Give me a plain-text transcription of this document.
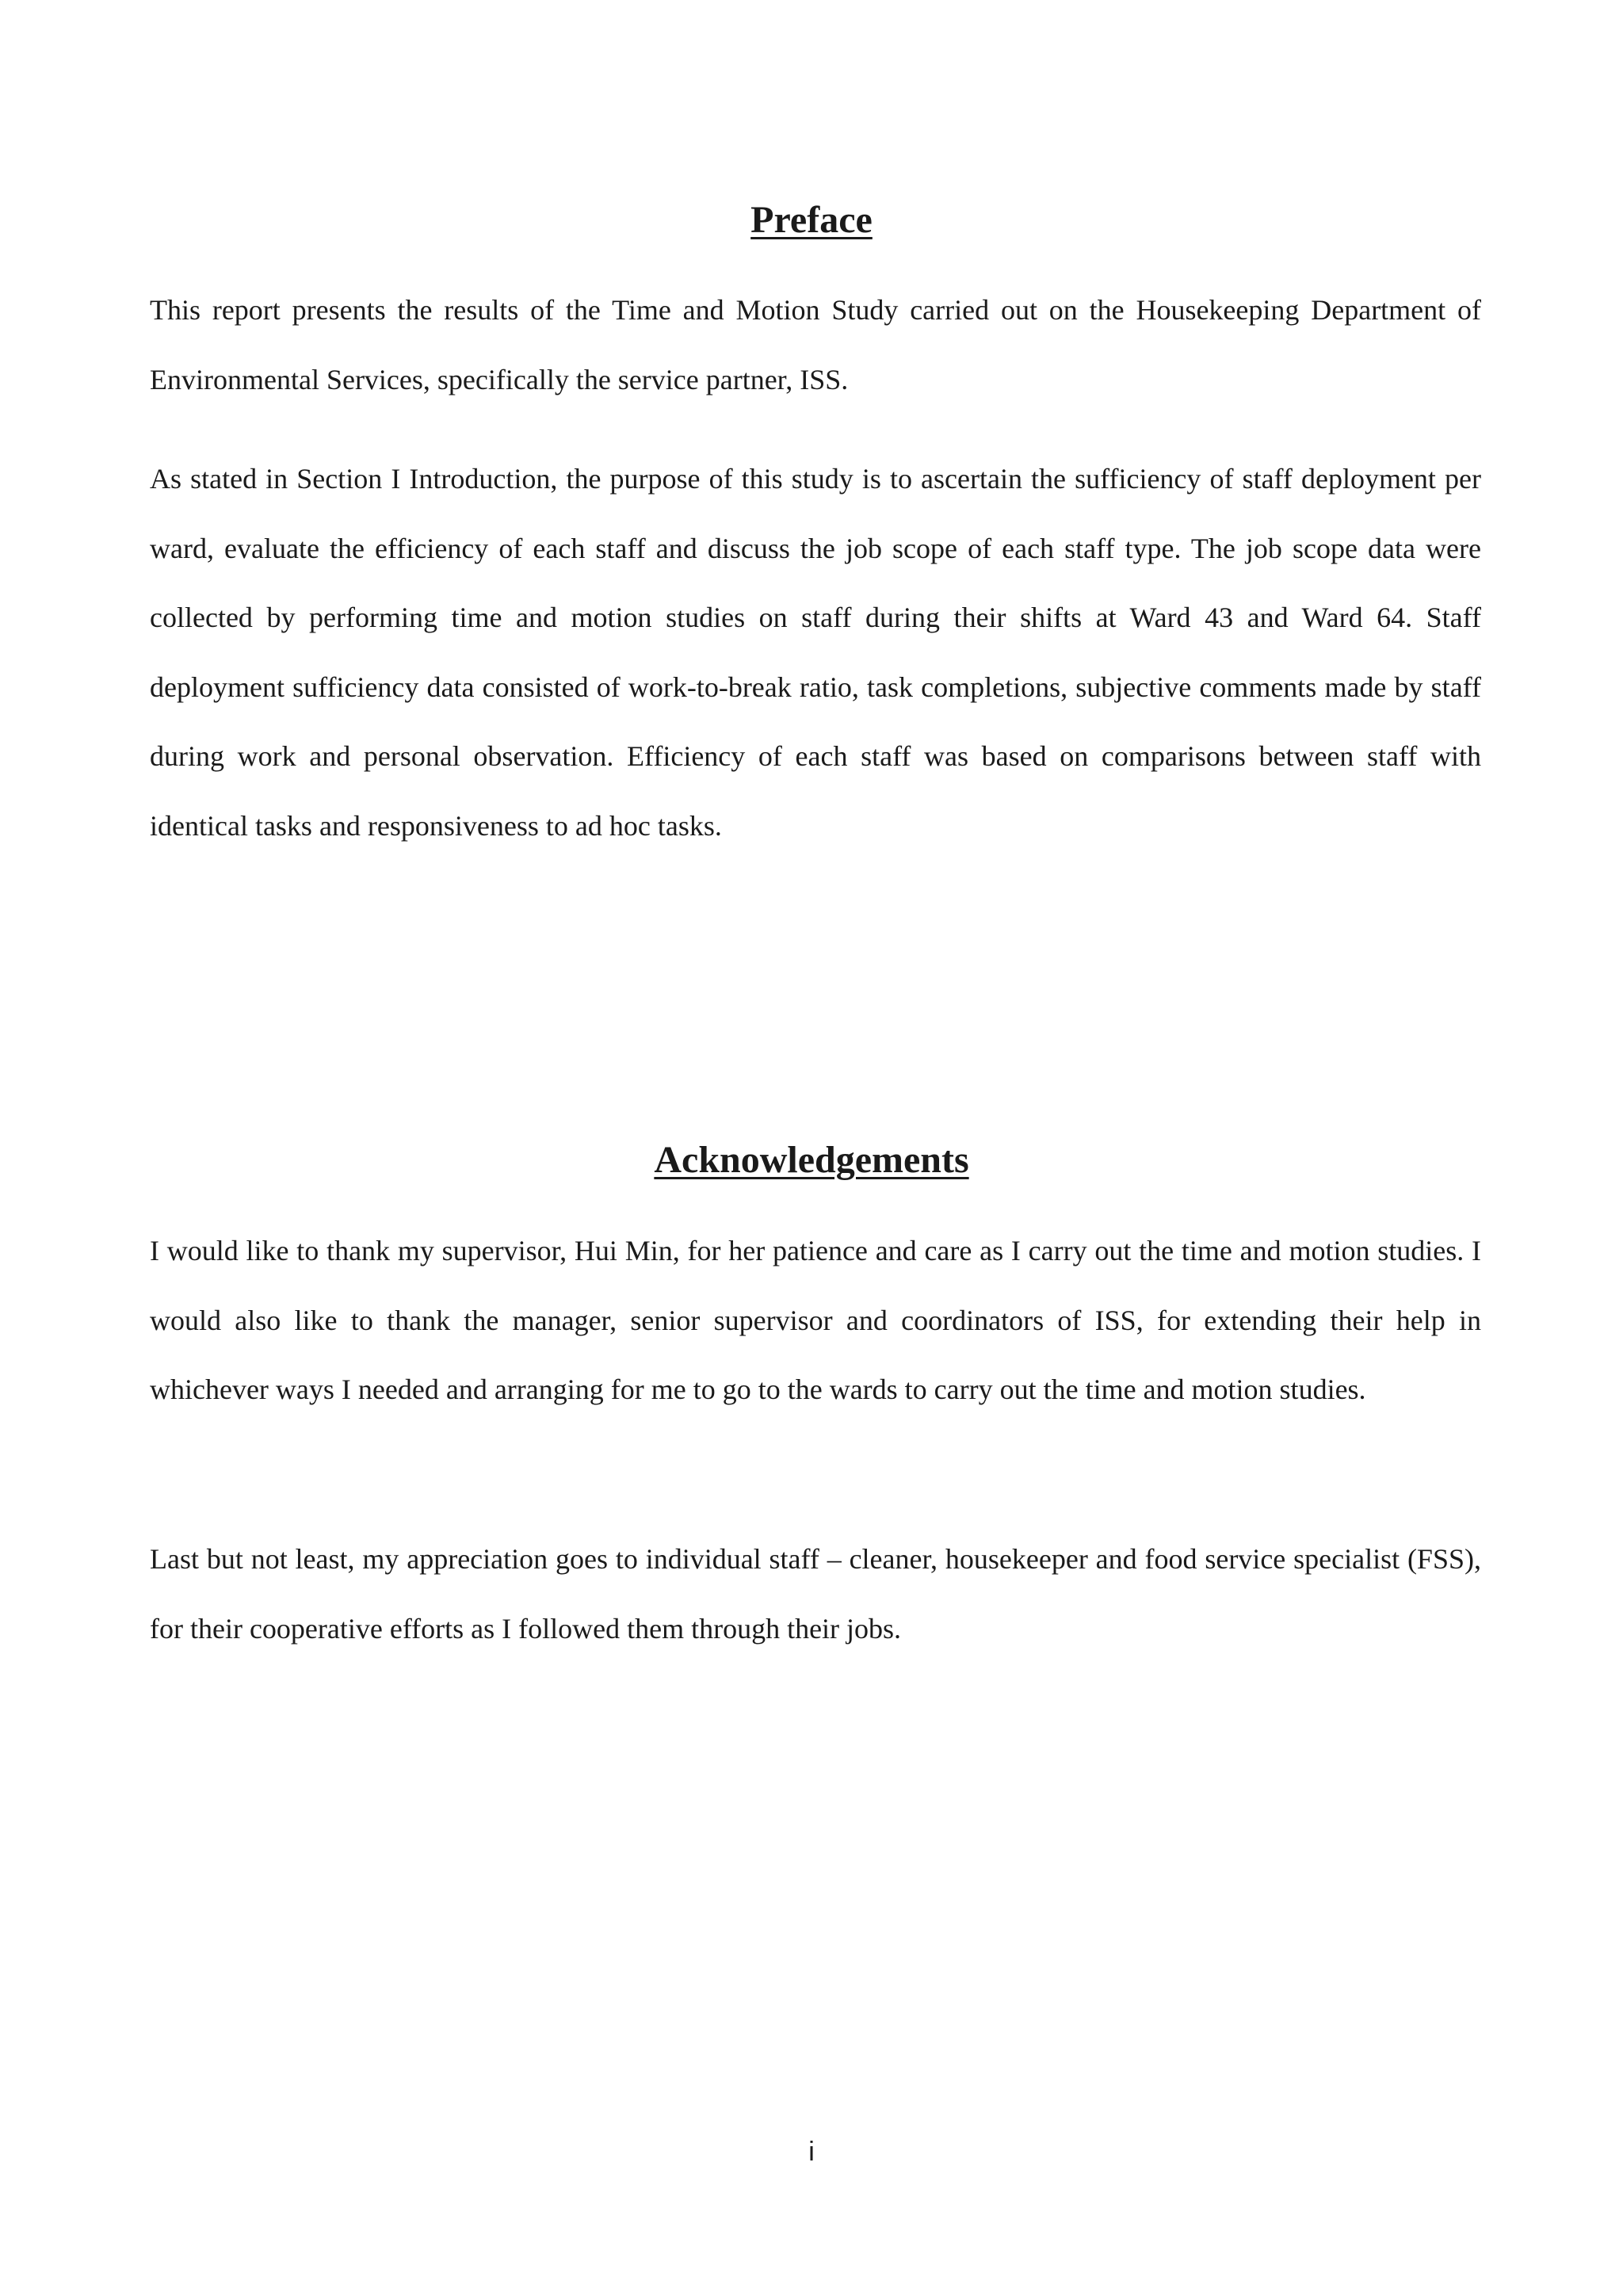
Preface

This report presents the results of the Time and Motion Study carried out on the Housekeeping Department of Environmental Services, specifically the service partner, ISS.

As stated in Section I Introduction, the purpose of this study is to ascertain the sufficiency of staff deployment per ward, evaluate the efficiency of each staff and discuss the job scope of each staff type. The job scope data were collected by performing time and motion studies on staff during their shifts at Ward 43 and Ward 64. Staff deployment sufficiency data consisted of work-to-break ratio, task completions, subjective comments made by staff during work and personal observation. Efficiency of each staff was based on comparisons between staff with identical tasks and responsiveness to ad hoc tasks.

Acknowledgements

I would like to thank my supervisor, Hui Min, for her patience and care as I carry out the time and motion studies. I would also like to thank the manager, senior supervisor and coordinators of ISS, for extending their help in whichever ways I needed and arranging for me to go to the wards to carry out the time and motion studies.

Last but not least, my appreciation goes to individual staff – cleaner, housekeeper and food service specialist (FSS), for their cooperative efforts as I followed them through their jobs.

i
